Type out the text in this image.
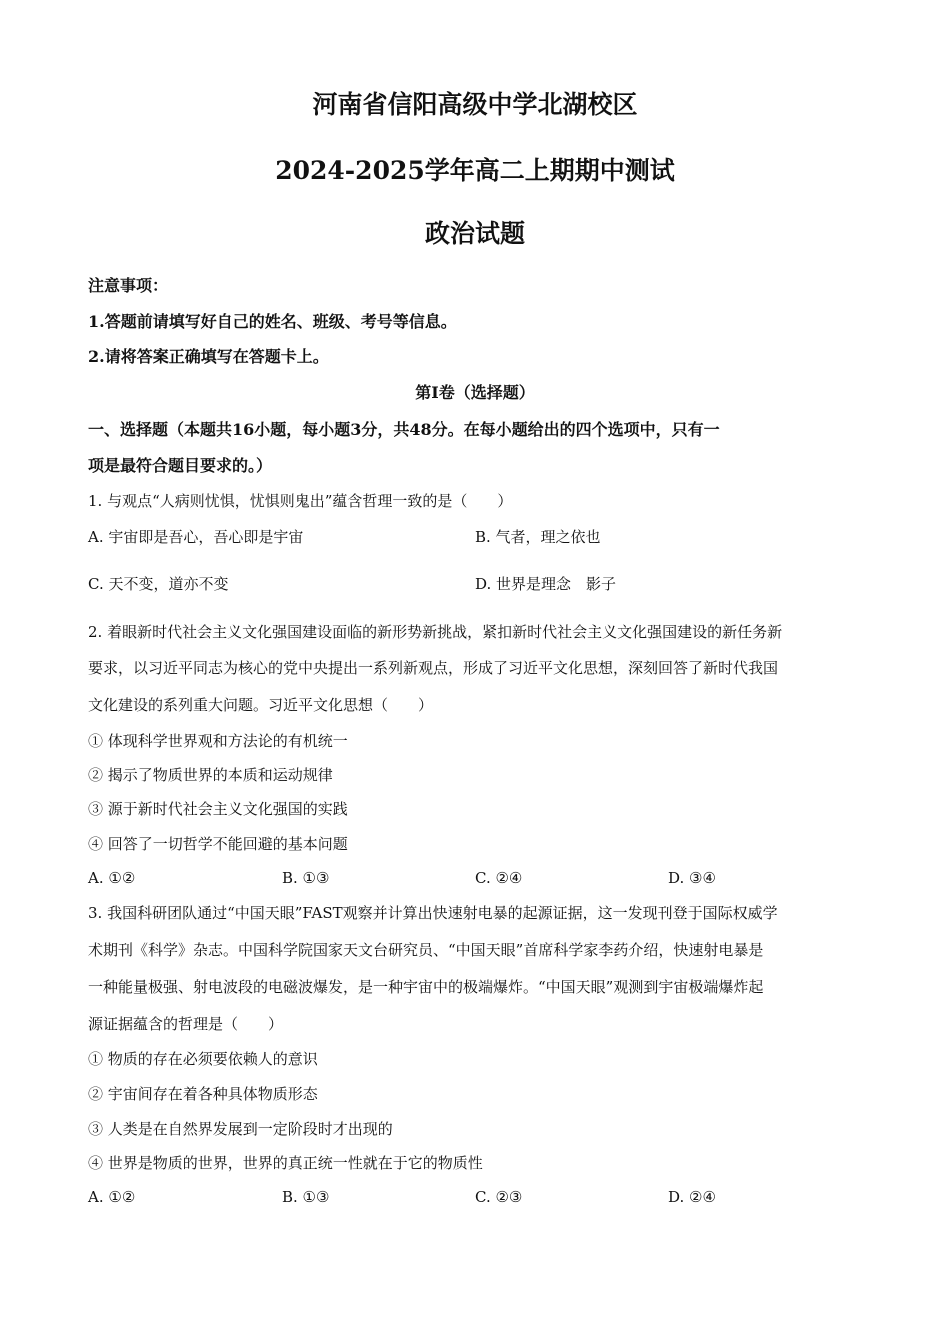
河南省信阳高级中学北湖校区
2024-2025学年高二上期期中测试
政治试题
注意事项：
1.答题前请填写好自己的姓名、班级、考号等信息。
2.请将答案正确填写在答题卡上。
第I卷（选择题）
一、选择题（本题共16小题，每小题3分，共48分。在每小题给出的四个选项中，只有一
项是最符合题目要求的。）
1. 与观点“人病则忧惧，忧惧则鬼出”蕴含哲理一致的是（　　）
A. 宇宙即是吾心，吾心即是宇宙	B. 气者，理之依也
C. 天不变，道亦不变	D. 世界是理念　影子
2. 着眼新时代社会主义文化强国建设面临的新形势新挑战，紧扣新时代社会主义文化强国建设的新任务新
要求，以习近平同志为核心的党中央提出一系列新观点，形成了习近平文化思想，深刻回答了新时代我国
文化建设的系列重大问题。习近平文化思想（　　）
① 体现科学世界观和方法论的有机统一
② 揭示了物质世界的本质和运动规律
③ 源于新时代社会主义文化强国的实践
④ 回答了一切哲学不能回避的基本问题
A. ①②	B. ①③	C. ②④	D. ③④
3. 我国科研团队通过“中国天眼”FAST观察并计算出快速射电暴的起源证据，这一发现刊登于国际权威学
术期刊《科学》杂志。中国科学院国家天文台研究员、“中国天眼”首席科学家李药介绍，快速射电暴是
一种能量极强、射电波段的电磁波爆发，是一种宇宙中的极端爆炸。“中国天眼”观测到宇宙极端爆炸起
源证据蕴含的哲理是（　　）
① 物质的存在必须要依赖人的意识
② 宇宙间存在着各种具体物质形态
③ 人类是在自然界发展到一定阶段时才出现的
④ 世界是物质的世界，世界的真正统一性就在于它的物质性
A. ①②	B. ①③	C. ②③	D. ②④
